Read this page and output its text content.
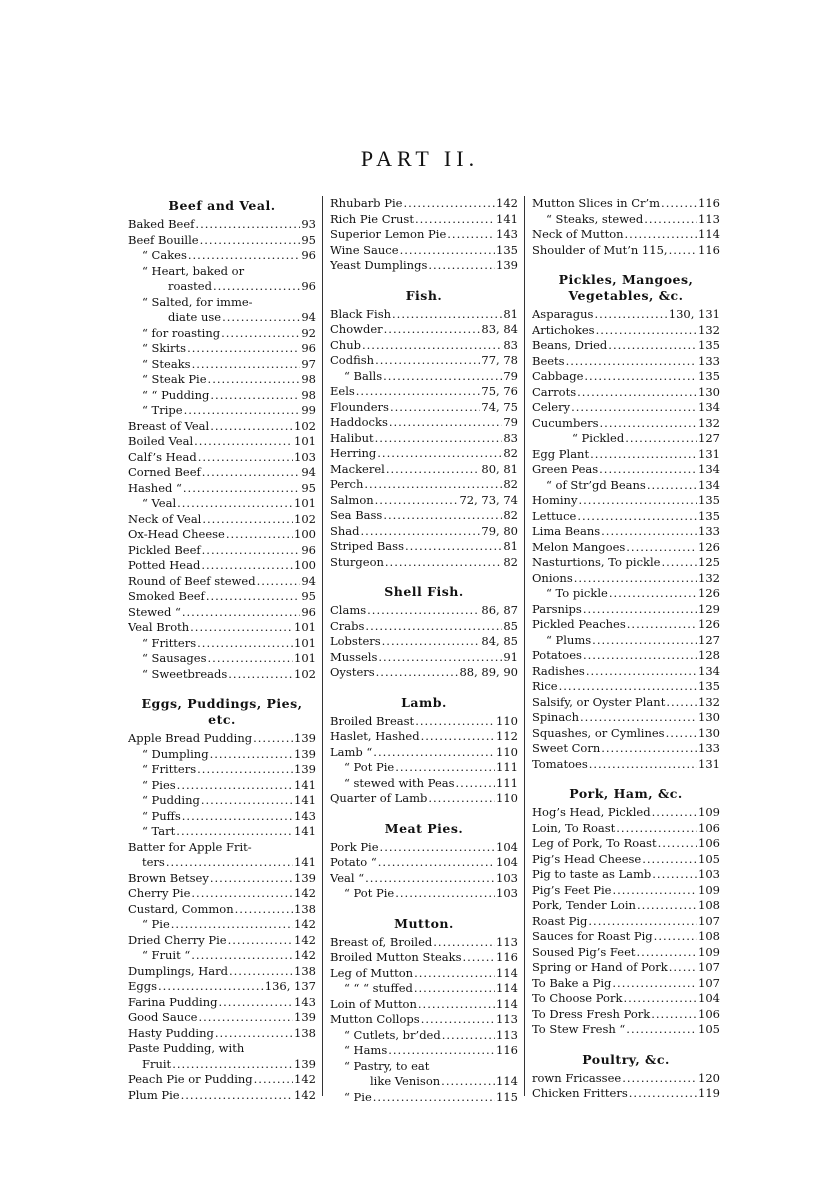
PART II.
Beef and Veal.
Baked Beef .....	93
Beef Bouille .....	95
“ Cakes .....	96
“ Heart, baked or
roasted .....	96
“ Salted, for imme-
diate use .....	94
“ for roasting .....	92
“ Skirts .....	96
“ Steaks .....	97
“ Steak Pie .....	98
“ “ Pudding .....	98
“ Tripe .....	99
Breast of Veal .....	102
Boiled Veal .....	101
Calf’s Head .....	103
Corned Beef .....	94
Hashed “ .....	95
“ Veal .....	101
Neck of Veal .....	102
Ox-Head Cheese .....	100
Pickled Beef .....	96
Potted Head .....	100
Round of Beef stewed .....	94
Smoked Beef .....	95
Stewed “ .....	96
Veal Broth .....	101
“ Fritters .....	101
“ Sausages .....	101
“ Sweetbreads .....	102
Eggs, Puddings, Pies, etc.
Apple Bread Pudding .....	139
“ Dumpling .....	139
“ Fritters .....	139
“ Pies .....	141
“ Pudding .....	141
“ Puffs .....	143
“ Tart .....	141
Batter for Apple Frit-
ters .....	141
Brown Betsey .....	139
Cherry Pie .....	142
Custard, Common .....	138
“ Pie .....	142
Dried Cherry Pie .....	142
“ Fruit “ .....	142
Dumplings, Hard .....	138
Eggs .....	136, 137
Farina Pudding .....	143
Good Sauce .....	139
Hasty Pudding .....	138
Paste Pudding, with
Fruit .....	139
Peach Pie or Pudding .....	142
Plum Pie .....	142
Rhubarb Pie .....	142
Rich Pie Crust .....	141
Superior Lemon Pie .....	143
Wine Sauce .....	135
Yeast Dumplings .....	139
Fish.
Black Fish .....	81
Chowder .....	83, 84
Chub .....	83
Codfish .....	77, 78
“ Balls .....	79
Eels .....	75, 76
Flounders .....	74, 75
Haddocks .....	79
Halibut .....	83
Herring .....	82
Mackerel .....	80, 81
Perch .....	82
Salmon .....	72, 73, 74
Sea Bass .....	82
Shad .....	79, 80
Striped Bass .....	81
Sturgeon .....	82
Shell Fish.
Clams .....	86, 87
Crabs .....	85
Lobsters .....	84, 85
Mussels .....	91
Oysters .....	88, 89, 90
Lamb.
Broiled Breast .....	110
Haslet, Hashed .....	112
Lamb “ .....	110
“ Pot Pie .....	111
“ stewed with Peas .....	111
Quarter of Lamb .....	110
Meat Pies.
Pork Pie .....	104
Potato “ .....	104
Veal “ .....	103
“ Pot Pie .....	103
Mutton.
Breast of, Broiled .....	113
Broiled Mutton Steaks .....	116
Leg of Mutton .....	114
“ “ “ stuffed .....	114
Loin of Mutton .....	114
Mutton Collops .....	113
“ Cutlets, br’ded .....	113
“ Hams .....	116
“ Pastry, to eat
like Venison .....	114
“ Pie .....	115
Mutton Slices in Cr’m .....	116
“ Steaks, stewed .....	113
Neck of Mutton .....	114
Shoulder of Mut’n 115, .....	116
Pickles, Mangoes, Vegetables, &c.
Asparagus .....	130, 131
Artichokes .....	132
Beans, Dried .....	135
Beets .....	133
Cabbage .....	135
Carrots .....	130
Celery .....	134
Cucumbers .....	132
“ Pickled .....	127
Egg Plant .....	131
Green Peas .....	134
“ of Str’gd Beans .....	134
Hominy .....	135
Lettuce .....	135
Lima Beans .....	133
Melon Mangoes .....	126
Nasturtions, To pickle .....	125
Onions .....	132
“ To pickle .....	126
Parsnips .....	129
Pickled Peaches .....	126
“ Plums .....	127
Potatoes .....	128
Radishes .....	134
Rice .....	135
Salsify, or Oyster Plant .....	132
Spinach .....	130
Squashes, or Cymlines .....	130
Sweet Corn .....	133
Tomatoes .....	131
Pork, Ham, &c.
Hog’s Head, Pickled .....	109
Loin, To Roast .....	106
Leg of Pork, To Roast .....	106
Pig’s Head Cheese .....	105
Pig to taste as Lamb .....	103
Pig’s Feet Pie .....	109
Pork, Tender Loin .....	108
Roast Pig .....	107
Sauces for Roast Pig .....	108
Soused Pig’s Feet .....	109
Spring or Hand of Pork .....	107
To Bake a Pig .....	107
To Choose Pork .....	104
To Dress Fresh Pork .....	106
To Stew Fresh “ .....	105
Poultry, &c.
rown Fricassee .....	120
Chicken Fritters .....	119
